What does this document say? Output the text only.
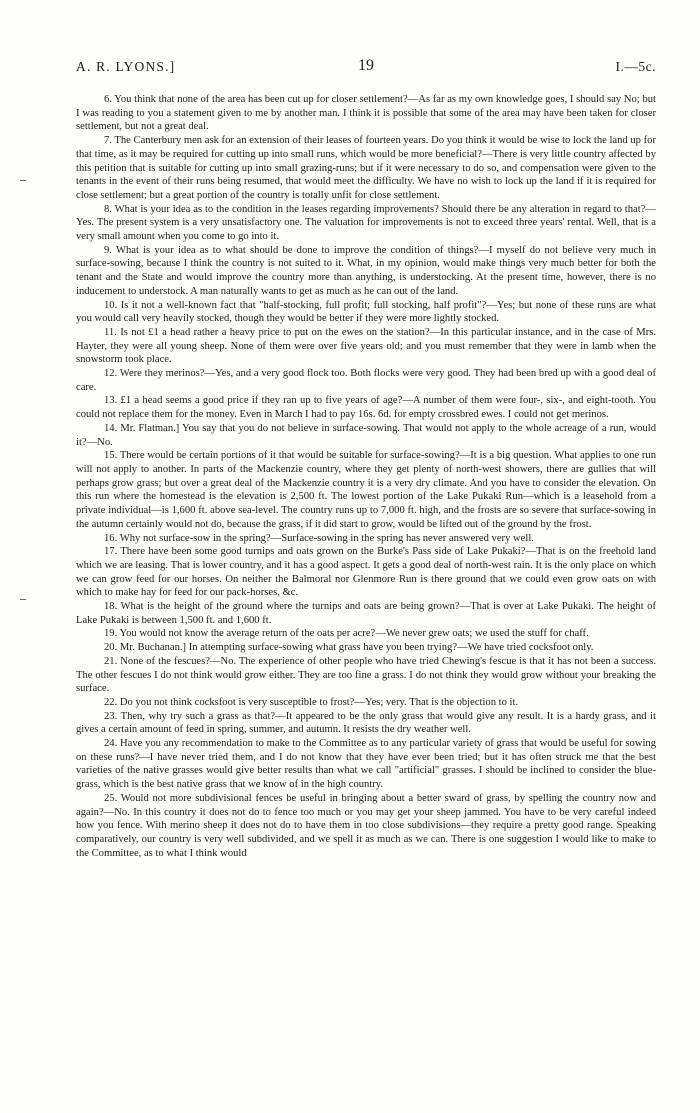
A. R. LYONS.]	19	I.—5c.

6. You think that none of the area has been cut up for closer settlement?—As far as my own knowledge goes, I should say No; but I was reading to you a statement given to me by another man. I think it is possible that some of the area may have been taken for closer settlement, but not a great deal.

7. The Canterbury men ask for an extension of their leases of fourteen years. Do you think it would be wise to lock the land up for that time, as it may be required for cutting up into small runs, which would be more beneficial?—There is very little country affected by this petition that is suitable for cutting up into small grazing-runs; but if it were necessary to do so, and compensation were given to the tenants in the event of their runs being resumed, that would meet the difficulty. We have no wish to lock up the land if it is required for close settlement; but a great portion of the country is totally unfit for close settlement.

8. What is your idea as to the condition in the leases regarding improvements? Should there be any alteration in regard to that?—Yes. The present system is a very unsatisfactory one. The valuation for improvements is not to exceed three years' rental. Well, that is a very small amount when you come to go into it.

9. What is your idea as to what should be done to improve the condition of things?—I myself do not believe very much in surface-sowing, because I think the country is not suited to it. What, in my opinion, would make things very much better for both the tenant and the State and would improve the country more than anything, is understocking. At the present time, however, there is no inducement to understock. A man naturally wants to get as much as he can out of the land.

10. Is it not a well-known fact that "half-stocking, full profit; full stocking, half profit"?—Yes; but none of these runs are what you would call very heavily stocked, though they would be better if they were more lightly stocked.

11. Is not £1 a head rather a heavy price to put on the ewes on the station?—In this particular instance, and in the case of Mrs. Hayter, they were all young sheep. None of them were over five years old; and you must remember that they were in lamb when the snowstorm took place.

12. Were they merinos?—Yes, and a very good flock too. Both flocks were very good. They had been bred up with a good deal of care.

13. £1 a head seems a good price if they ran up to five years of age?—A number of them were four-, six-, and eight-tooth. You could not replace them for the money. Even in March I had to pay 16s. 6d. for empty crossbred ewes. I could not get merinos.

14. Mr. Flatman.] You say that you do not believe in surface-sowing. That would not apply to the whole acreage of a run, would it?—No.

15. There would be certain portions of it that would be suitable for surface-sowing?—It is a big question. What applies to one run will not apply to another. In parts of the Mackenzie country, where they get plenty of north-west showers, there are gullies that will perhaps grow grass; but over a great deal of the Mackenzie country it is a very dry climate. And you have to consider the elevation. On this run where the homestead is the elevation is 2,500 ft. The lowest portion of the Lake Pukaki Run—which is a leasehold from a private individual—is 1,600 ft. above sea-level. The country runs up to 7,000 ft. high, and the frosts are so severe that surface-sowing in the autumn certainly would not do, because the grass, if it did start to grow, would be lifted out of the ground by the frost.

16. Why not surface-sow in the spring?—Surface-sowing in the spring has never answered very well.

17. There have been some good turnips and oats grown on the Burke's Pass side of Lake Pukaki?—That is on the freehold land which we are leasing. That is lower country, and it has a good aspect. It gets a good deal of north-west rain. It is the only place on which we can grow feed for our horses. On neither the Balmoral nor Glenmore Run is there ground that we could even grow oats on with which to make hay for feed for our pack-horses, &c.

18. What is the height of the ground where the turnips and oats are being grown?—That is over at Lake Pukaki. The height of Lake Pukaki is between 1,500 ft. and 1,600 ft.

19. You would not know the average return of the oats per acre?—We never grew oats; we used the stuff for chaff.

20. Mr. Buchanan.] In attempting surface-sowing what grass have you been trying?—We have tried cocksfoot only.

21. None of the fescues?—No. The experience of other people who have tried Chewing's fescue is that it has not been a success. The other fescues I do not think would grow either. They are too fine a grass. I do not think they would grow without your breaking the surface.

22. Do you not think cocksfoot is very susceptible to frost?—Yes; very. That is the objection to it.

23. Then, why try such a grass as that?—It appeared to be the only grass that would give any result. It is a hardy grass, and it gives a certain amount of feed in spring, summer, and autumn. It resists the dry weather well.

24. Have you any recommendation to make to the Committee as to any particular variety of grass that would be useful for sowing on these runs?—I have never tried them, and I do not know that they have ever been tried; but it has often struck me that the best varieties of the native grasses would give better results than what we call "artificial" grasses. I should be inclined to consider the blue-grass, which is the best native grass that we know of in the high country.

25. Would not more subdivisional fences be useful in bringing about a better sward of grass, by spelling the country now and again?—No. In this country it does not do to fence too much or you may get your sheep jammed. You have to be very careful indeed how you fence. With merino sheep it does not do to have them in too close subdivisions—they require a pretty good range. Speaking comparatively, our country is very well subdivided, and we spell it as much as we can. There is one suggestion I would like to make to the Committee, as to what I think would
